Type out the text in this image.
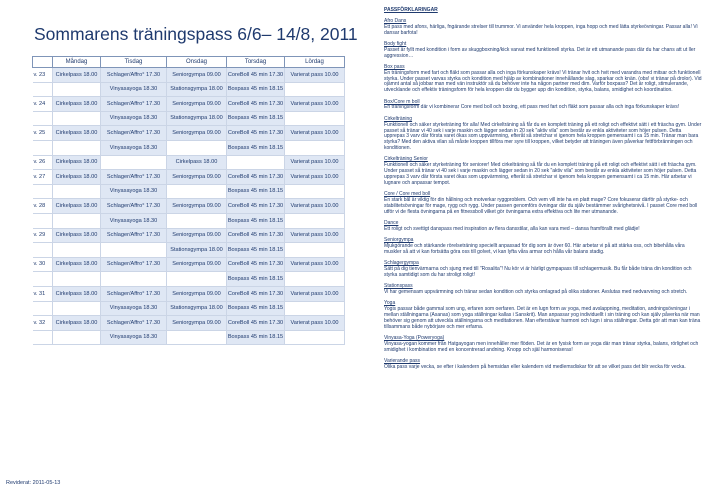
Sommarens träningspass 6/6– 14/8, 2011
	Måndag	Tisdag	Onsdag	Torsdag	Lördag
v. 23	Cirkelpass 18.00	Schlager/Affro° 17.30	Seniorgympa 09.00	CoreBoll 45 min 17.30	Varierat pass 10.00
		Vinyasayoga 18.30	Stationsgympa 18.00	Boxpass 45 min 18.15	
v. 24	Cirkelpass 18.00	Schlager/Affro° 17.30	Seniorgympa 09.00	CoreBoll 45 min 17.30	Varierat pass 10.00
		Vinyasayoga 18.30	Stationsgympa 18.00	Boxpass 45 min 18.15	
v. 25	Cirkelpass 18.00	Schlager/Affro° 17.30	Seniorgympa 09.00	CoreBoll 45 min 17.30	Varierat pass 10.00
		Vinyasayoga 18.30		Boxpass 45 min 18.15	
v. 26	Cirkelpass 18.00		Cirkelpass 18.00		Varierat pass 10.00
v. 27	Cirkelpass 18.00	Schlager/Affro° 17.30	Seniorgympa 09.00	CoreBoll 45 min 17.30	Varierat pass 10.00
		Vinyasayoga 18.30		Boxpass 45 min 18.15	
v. 28	Cirkelpass 18.00	Schlager/Affro° 17.30	Seniorgympa 09.00	CoreBoll 45 min 17.30	Varierat pass 10.00
		Vinyasayoga 18.30		Boxpass 45 min 18.15	
v. 29	Cirkelpass 18.00	Schlager/Affro° 17.30	Seniorgympa 09.00	CoreBoll 45 min 17.30	Varierat pass 10.00
			Stationsgympa 18.00	Boxpass 45 min 18.15	
v. 30	Cirkelpass 18.00	Schlager/Affro° 17.30	Seniorgympa 09.00	CoreBoll 45 min 17.30	Varierat pass 10.00
				Boxpass 45 min 18.15	
v. 31	Cirkelpass 18.00	Schlager/Affro° 17.30	Seniorgympa 09.00	CoreBoll 45 min 17.30	Varierat pass 10.00
		Vinyasayoga 18.30	Stationsgympa 18.00	Boxpass 45 min 18.15	
v. 32	Cirkelpass 18.00	Schlager/Affro° 17.30	Seniorgympa 09.00	CoreBoll 45 min 17.30	Varierat pass 10.00
		Vinyasayoga 18.30		Boxpass 45 min 18.15	
Reviderat: 2011-05-13
PASSFÖRKLARINGAR
Afro Dans
Ett pass med afons, härliga, fngärande strelser till trummor. Vi använder hela kroppen, inga hopp och med lätta styrkeövningar. Passar alla! Vi dansar barfota!
Body fight
Passet är fyllt med kondition i form av skuggboxning/kick varvat med funktionell styrka. Det är ett utmanande pass där du har chans att ut ller aggression…
Box pass
En träningsform med fart och fläkt som passar alla och inga förkunskaper krävs! Vi tränar hvit och hvit med varandra med mitsar och funktionell styrka. Under passet varvas styrka och kondition med hjälp av kombinationer innehållande slag, sparkar och knän. (obs! vi tränar på drolor). Vid ojämnt antal så jobbar man med vän instruktör så du behöver inte ha någon partner med dim. Varför boxpass? Det är roligt, stimulerande, utvecklande och effektiv träningsform för hela kroppen där du bygger upp din kondition, styrka, balans, smidighet och koordination.
Box/Core m boll
En träningsform där vi kombinerar Core med boll och boxing, ett pass med fart och fläkt som passar alla och inga förkunskaper krävs!
Cirkelträning
Funktionell och säker styrketräning för alla! Med cirkelträning så får du en komplett träning på ett roligt och effektivt sätt i ett fräscha gym. Under passet så tränar vi 40 sek i varje maskin och lägger sedan in 20 sek "aktiv vila" som består av enkla aktiviteter som höjer pulsen. Detta upprepas 3 varv där första varet ökas som uppvärmning, efteråt så stretchar vi igenom hela kroppen gemensamt i ca 15 min. Tränar man bara styrka? Med den aktiva vilan så måste kroppen tillföra mer syre till kroppen, vilket betyder att träningen även påverkar fettförbränningen och konditionen.
Cirkelträning Senior
Funktionell och säker styrketräning för seniorer! Med cirkelträning så får du en komplett träning på ett roligt och effektivt sätt i ett fräscha gym. Under passet så tränar vi 40 sek i varje maskin och lägger sedan in 20 sek "aktiv vila" som består av enkla aktiviteter som höjer pulsen. Detta upprepas 3 varv där första varet ökas som uppvärmning, efteråt så stretchar vi igenom hela kroppen gemensamt i ca 15 min. Här arbetar vi lugnare och anpassar tempot.
Core / Core med boll
En stark bål är viktig för din hållning och motverkar ryggproblem. Och vem vill inte ha en platt mage? Core fokuserar därför på styrke- och stabilitetsövningar för mage, rygg och rygg. Under passen genomförs övningar där du själv bestämmer svårighetsnivå. I passet Core med boll utför vi de flesta övningarna på en fitnessboll vilket gör övningarna extra effektiva och lite mer utmanande.
Dance
Ett roligt och svettigt danspass med inspiration av flera dansstilar, alla kan vara med – dansa framförallt med glädje!
Seniorgympa
Mjukgörande och stärkande rörelseträning speciellt anpassad för dig som är över 60. Här arbetar vi på att stärka oss, och bibehålla våra muskler så att vi kan fortsätta göra oss till golvet, vi kan lyfta våra armar och hålla vår balans stadig.
Schlagergympa
Sätt på dig tienvärmarna och sjung med till "Rosalita"! Nu kör vi är härligt gympapass till schlagermusik. Bu får både träna din kondition och styrka samtidigt som du har stroligt roligt!
Stationspass
Vi har gemensam uppvärmning och tränar sedan kondition och styrka omlagrad på olika stationer. Avslutas med nedvarvning och stretch.
Yoga
Yogis passar både gammal som ung, erfaren som oerfaren. Det är en lugn form av yoga, med avslappning, meditation, andningsövningar i mellan ställningarna (Asanas) som yoga ställningar kallas i Sanskrit). Man anpassar yog individuellt i sin träning och kan själv påverka när man behöver sig genom att utveckla ställningarna och meditationen. Man efterstävar harmoni och lugn i sina ställningar. Detta gör att man kan träna tillsammans både nybörjare och mer erfarna.
Vinyasa-Yoga (Poweryoga)
Vinyasa-yogan kommer från Hatgayogan men innehåller mer flöden. Det är en fysisk form av yoga där man tränar styrka, balans, rörlighet och smidighet i kombination med en koncentrerad andning. Knopp och själ harmoniseras!
Varierande pass
Olika pass varje vecka, se efter i kalendern på hemsidan eller kalendern vid medlemsdiskar för att se vilket pass det blir vecka för vecka.
